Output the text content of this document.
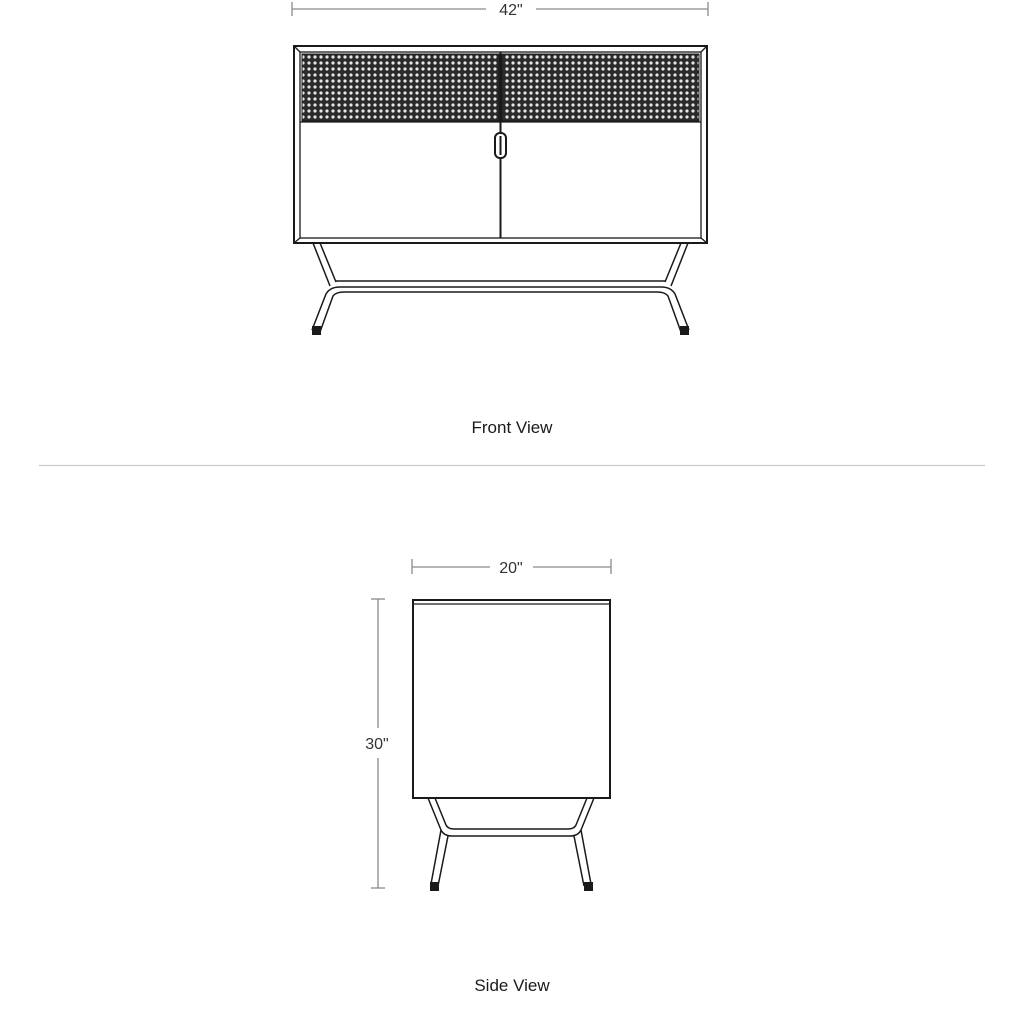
42"
Front View
20"
30"
Side View
